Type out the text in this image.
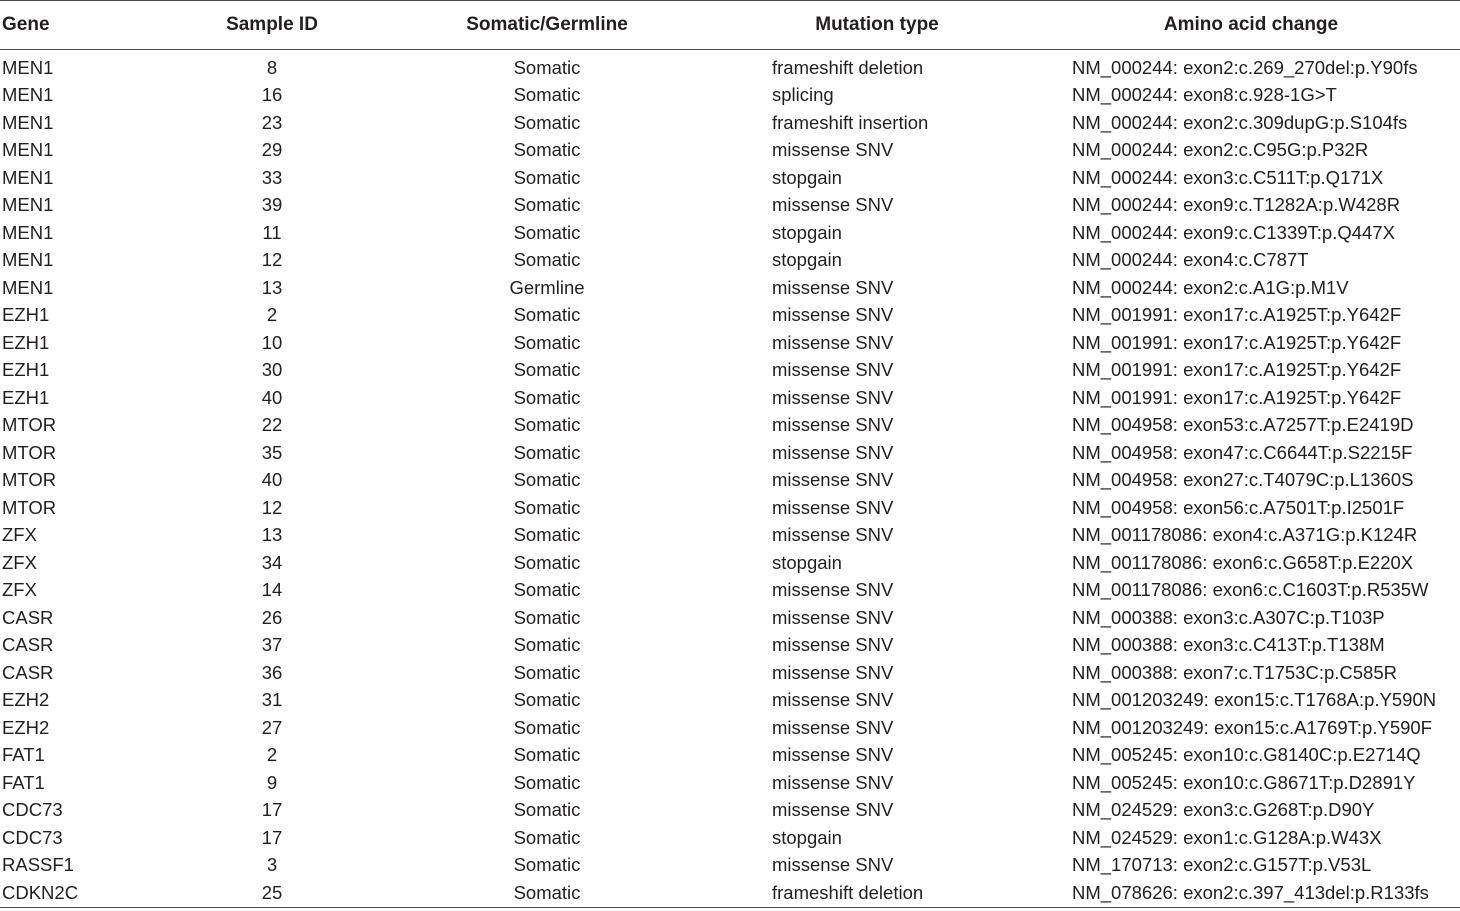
Gene	Sample ID	Somatic/Germline	Mutation type	Amino acid change
MEN1	8	Somatic	frameshift deletion	NM_000244: exon2:c.269_270del:p.Y90fs
MEN1	16	Somatic	splicing	NM_000244: exon8:c.928-1G>T
MEN1	23	Somatic	frameshift insertion	NM_000244: exon2:c.309dupG:p.S104fs
MEN1	29	Somatic	missense SNV	NM_000244: exon2:c.C95G:p.P32R
MEN1	33	Somatic	stopgain	NM_000244: exon3:c.C511T:p.Q171X
MEN1	39	Somatic	missense SNV	NM_000244: exon9:c.T1282A:p.W428R
MEN1	11	Somatic	stopgain	NM_000244: exon9:c.C1339T:p.Q447X
MEN1	12	Somatic	stopgain	NM_000244: exon4:c.C787T
MEN1	13	Germline	missense SNV	NM_000244: exon2:c.A1G:p.M1V
EZH1	2	Somatic	missense SNV	NM_001991: exon17:c.A1925T:p.Y642F
EZH1	10	Somatic	missense SNV	NM_001991: exon17:c.A1925T:p.Y642F
EZH1	30	Somatic	missense SNV	NM_001991: exon17:c.A1925T:p.Y642F
EZH1	40	Somatic	missense SNV	NM_001991: exon17:c.A1925T:p.Y642F
MTOR	22	Somatic	missense SNV	NM_004958: exon53:c.A7257T:p.E2419D
MTOR	35	Somatic	missense SNV	NM_004958: exon47:c.C6644T:p.S2215F
MTOR	40	Somatic	missense SNV	NM_004958: exon27:c.T4079C:p.L1360S
MTOR	12	Somatic	missense SNV	NM_004958: exon56:c.A7501T:p.I2501F
ZFX	13	Somatic	missense SNV	NM_001178086: exon4:c.A371G:p.K124R
ZFX	34	Somatic	stopgain	NM_001178086: exon6:c.G658T:p.E220X
ZFX	14	Somatic	missense SNV	NM_001178086: exon6:c.C1603T:p.R535W
CASR	26	Somatic	missense SNV	NM_000388: exon3:c.A307C:p.T103P
CASR	37	Somatic	missense SNV	NM_000388: exon3:c.C413T:p.T138M
CASR	36	Somatic	missense SNV	NM_000388: exon7:c.T1753C:p.C585R
EZH2	31	Somatic	missense SNV	NM_001203249: exon15:c.T1768A:p.Y590N
EZH2	27	Somatic	missense SNV	NM_001203249: exon15:c.A1769T:p.Y590F
FAT1	2	Somatic	missense SNV	NM_005245: exon10:c.G8140C:p.E2714Q
FAT1	9	Somatic	missense SNV	NM_005245: exon10:c.G8671T:p.D2891Y
CDC73	17	Somatic	missense SNV	NM_024529: exon3:c.G268T:p.D90Y
CDC73	17	Somatic	stopgain	NM_024529: exon1:c.G128A:p.W43X
RASSF1	3	Somatic	missense SNV	NM_170713: exon2:c.G157T:p.V53L
CDKN2C	25	Somatic	frameshift deletion	NM_078626: exon2:c.397_413del:p.R133fs
